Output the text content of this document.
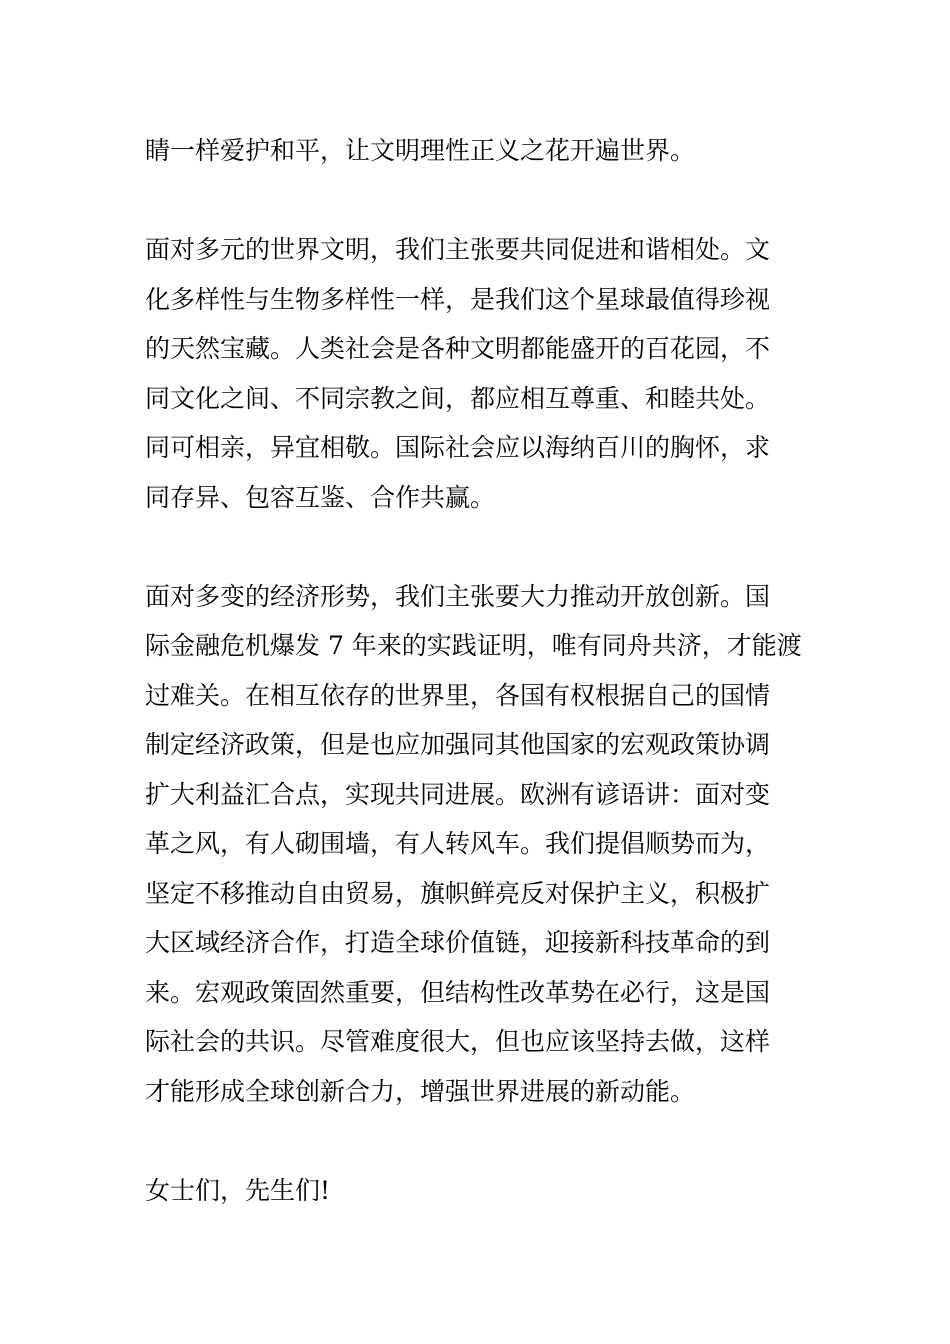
睛一样爱护和平，让文明理性正义之花开遍世界。
面对多元的世界文明，我们主张要共同促进和谐相处。文
化多样性与生物多样性一样，是我们这个星球最值得珍视
的天然宝藏。人类社会是各种文明都能盛开的百花园，不
同文化之间、不同宗教之间，都应相互尊重、和睦共处。
同可相亲，异宜相敬。国际社会应以海纳百川的胸怀，求
同存异、包容互鉴、合作共赢。
面对多变的经济形势，我们主张要大力推动开放创新。国
际金融危机爆发 7 年来的实践证明，唯有同舟共济，才能渡
过难关。在相互依存的世界里，各国有权根据自己的国情
制定经济政策，但是也应加强同其他国家的宏观政策协调
扩大利益汇合点，实现共同进展。欧洲有谚语讲：面对变
革之风，有人砌围墙，有人转风车。我们提倡顺势而为，
坚定不移推动自由贸易，旗帜鲜亮反对保护主义，积极扩
大区域经济合作，打造全球价值链，迎接新科技革命的到
来。宏观政策固然重要，但结构性改革势在必行，这是国
际社会的共识。尽管难度很大，但也应该坚持去做，这样
才能形成全球创新合力，增强世界进展的新动能。
女士们，先生们!
